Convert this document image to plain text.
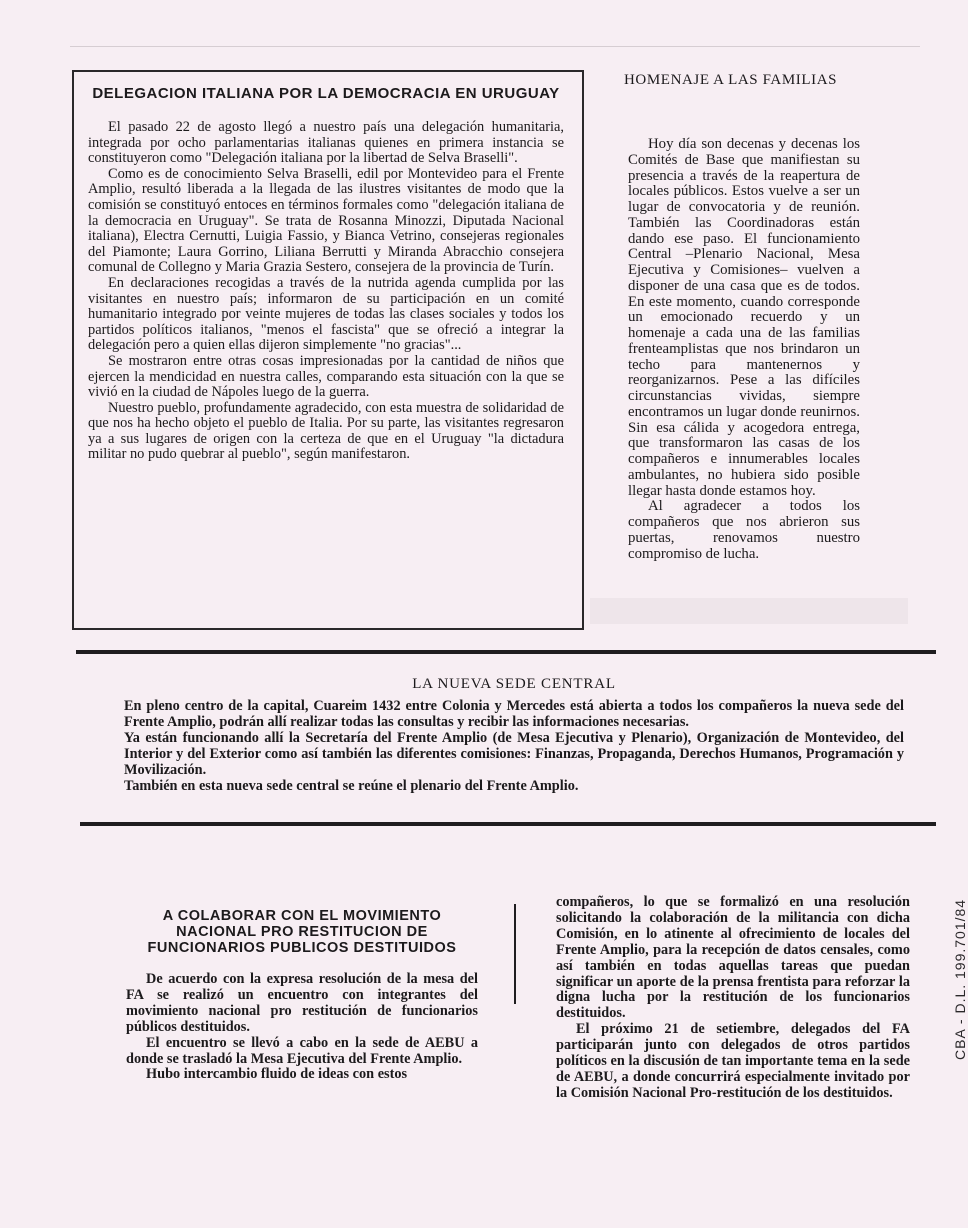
DELEGACION ITALIANA POR LA DEMOCRACIA EN URUGUAY

El pasado 22 de agosto llegó a nuestro país una delegación humanitaria, integrada por ocho parlamentarias italianas quienes en primera instancia se constituyeron como "Delegación italiana por la libertad de Selva Braselli".

Como es de conocimiento Selva Braselli, edil por Montevideo para el Frente Amplio, resultó liberada a la llegada de las ilustres visitantes de modo que la comisión se constituyó entoces en términos formales como "delegación italiana de la democracia en Uruguay". Se trata de Rosanna Minozzi, Diputada Nacional italiana), Electra Cernutti, Luigia Fassio, y Bianca Vetrino, consejeras regionales del Piamonte; Laura Gorrino, Liliana Berrutti y Miranda Abracchio consejera comunal de Collegno y Maria Grazia Sestero, consejera de la provincia de Turín.

En declaraciones recogidas a través de la nutrida agenda cumplida por las visitantes en nuestro país; informaron de su participación en un comité humanitario integrado por veinte mujeres de todas las clases sociales y todos los partidos políticos italianos, "menos el fascista" que se ofreció a integrar la delegación pero a quien ellas dijeron simplemente "no gracias"...

Se mostraron entre otras cosas impresionadas por la cantidad de niños que ejercen la mendicidad en nuestra calles, comparando esta situación con la que se vivió en la ciudad de Nápoles luego de la guerra.

Nuestro pueblo, profundamente agradecido, con esta muestra de solidaridad de que nos ha hecho objeto el pueblo de Italia. Por su parte, las visitantes regresaron ya a sus lugares de origen con la certeza de que en el Uruguay "la dictadura militar no pudo quebrar al pueblo", según manifestaron.

HOMENAJE A LAS FAMILIAS

Hoy día son decenas y decenas los Comités de Base que manifiestan su presencia a través de la reapertura de locales públicos. Estos vuelve a ser un lugar de convocatoria y de reunión. También las Coordinadoras están dando ese paso. El funcionamiento Central –Plenario Nacional, Mesa Ejecutiva y Comisiones– vuelven a disponer de una casa que es de todos. En este momento, cuando corresponde un emocionado recuerdo y un homenaje a cada una de las familias frenteamplistas que nos brindaron un techo para mantenernos y reorganizarnos. Pese a las difíciles circunstancias vividas, siempre encontramos un lugar donde reunirnos. Sin esa cálida y acogedora entrega, que transformaron las casas de los compañeros e innumerables locales ambulantes, no hubiera sido posible llegar hasta donde estamos hoy.

Al agradecer a todos los compañeros que nos abrieron sus puertas, renovamos nuestro compromiso de lucha.

LA NUEVA SEDE CENTRAL

En pleno centro de la capital, Cuareim 1432 entre Colonia y Mercedes está abierta a todos los compañeros la nueva sede del Frente Amplio, podrán allí realizar todas las consultas y recibir las informaciones necesarias.

Ya están funcionando allí la Secretaría del Frente Amplio (de Mesa Ejecutiva y Plenario), Organización de Montevideo, del Interior y del Exterior como así también las diferentes comisiones: Finanzas, Propaganda, Derechos Humanos, Programación y Movilización.

También en esta nueva sede central se reúne el plenario del Frente Amplio.

A COLABORAR CON EL MOVIMIENTO NACIONAL PRO RESTITUCION DE FUNCIONARIOS PUBLICOS DESTITUIDOS

De acuerdo con la expresa resolución de la mesa del FA se realizó un encuentro con integrantes del movimiento nacional pro restitución de funcionarios públicos destituidos.

El encuentro se llevó a cabo en la sede de AEBU a donde se trasladó la Mesa Ejecutiva del Frente Amplio.

Hubo intercambio fluido de ideas con estos

compañeros, lo que se formalizó en una resolución solicitando la colaboración de la militancia con dicha Comisión, en lo atinente al ofrecimiento de locales del Frente Amplio, para la recepción de datos censales, como así también en todas aquellas tareas que puedan significar un aporte de la prensa frentista para reforzar la digna lucha por la restitución de los funcionarios destituidos.

El próximo 21 de setiembre, delegados del FA participarán junto con delegados de otros partidos políticos en la discusión de tan importante tema en la sede de AEBU, a donde concurrirá especialmente invitado por la Comisión Nacional Pro-restitución de los destituidos.

CBA - D.L. 199.701/84
